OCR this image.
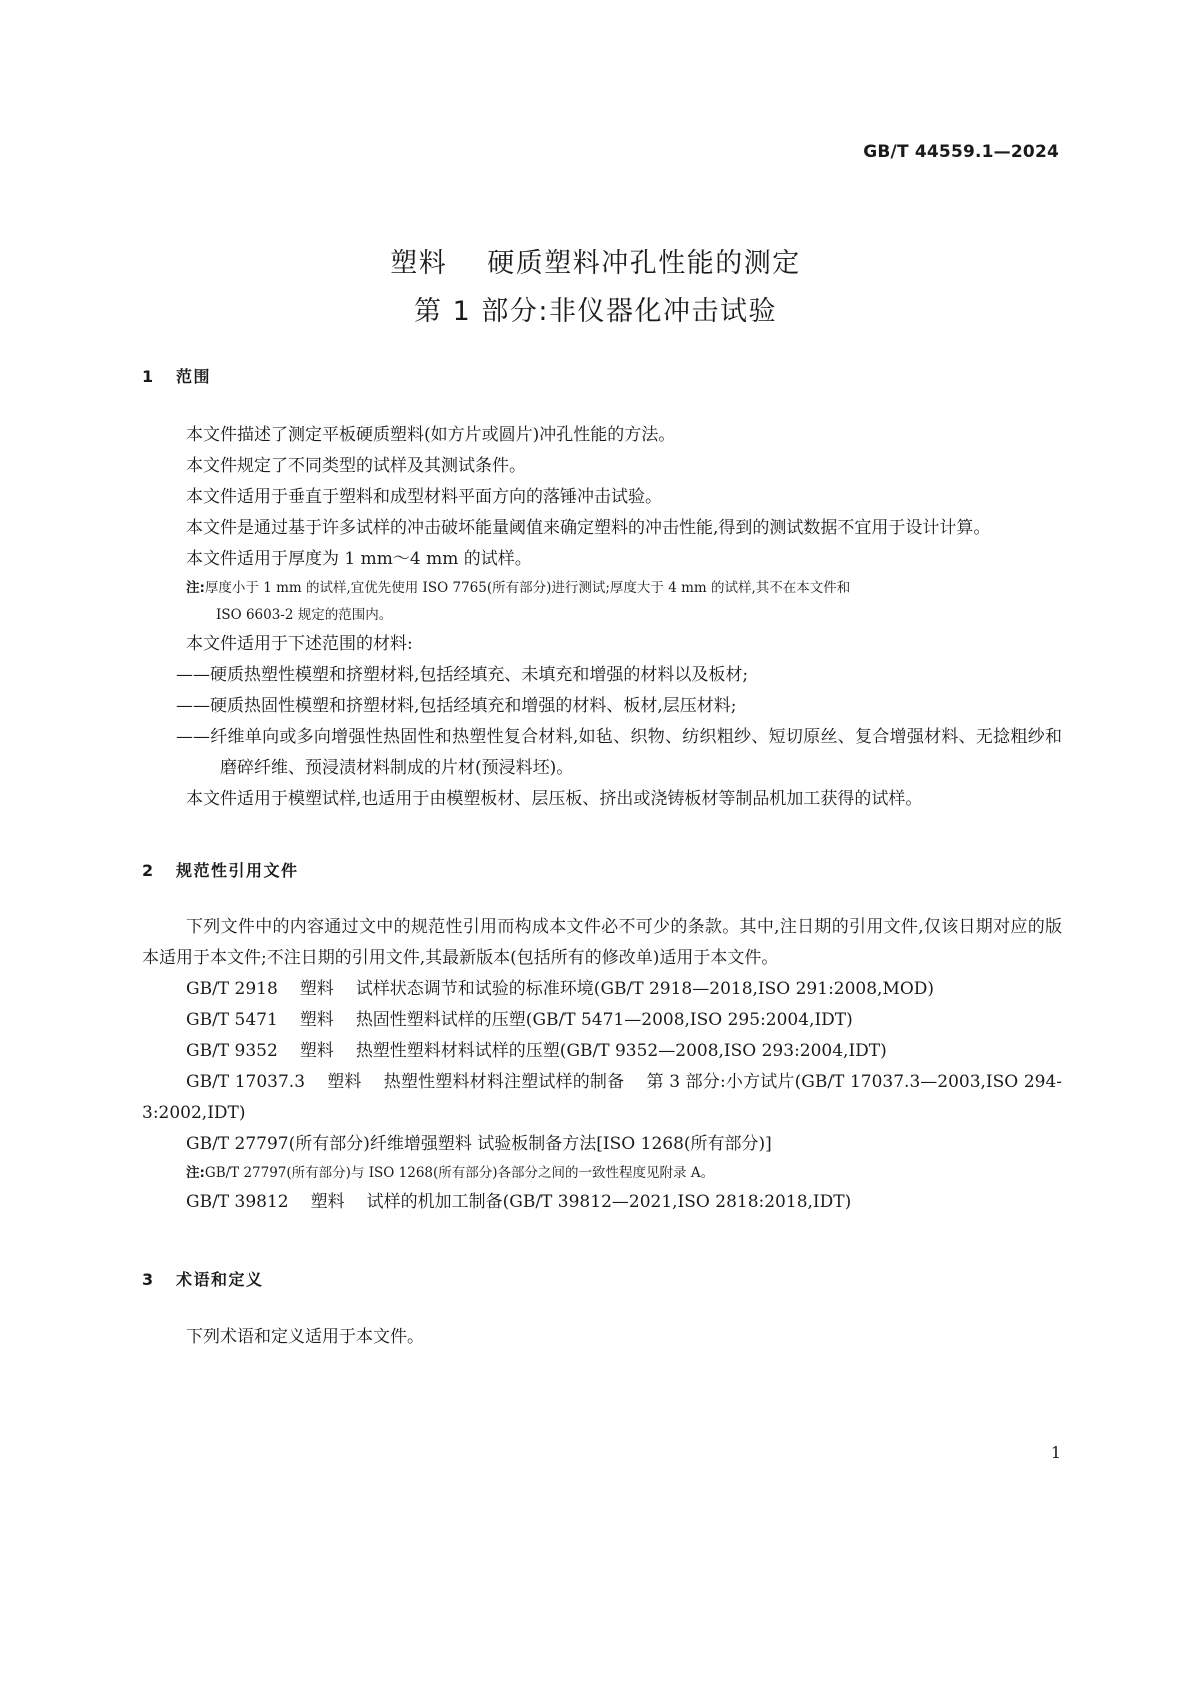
GB/T 44559.1—2024
塑料 硬质塑料冲孔性能的测定
第 1 部分:非仪器化冲击试验
1 范围

本文件描述了测定平板硬质塑料(如方片或圆片)冲孔性能的方法。

本文件规定了不同类型的试样及其测试条件。

本文件适用于垂直于塑料和成型材料平面方向的落锤冲击试验。

本文件是通过基于许多试样的冲击破坏能量阈值来确定塑料的冲击性能,得到的测试数据不宜用于设计计算。

本文件适用于厚度为 1 mm～4 mm 的试样。

注:厚度小于 1 mm 的试样,宜优先使用 ISO 7765(所有部分)进行测试;厚度大于 4 mm 的试样,其不在本文件和
ISO 6603-2 规定的范围内。

本文件适用于下述范围的材料:

——硬质热塑性模塑和挤塑材料,包括经填充、未填充和增强的材料以及板材;

——硬质热固性模塑和挤塑材料,包括经填充和增强的材料、板材,层压材料;

——纤维单向或多向增强性热固性和热塑性复合材料,如毡、织物、纺织粗纱、短切原丝、复合增强材料、无捻粗纱和磨碎纤维、预浸渍材料制成的片材(预浸料坯)。

本文件适用于模塑试样,也适用于由模塑板材、层压板、挤出或浇铸板材等制品机加工获得的试样。

2 规范性引用文件

下列文件中的内容通过文中的规范性引用而构成本文件必不可少的条款。其中,注日期的引用文件,仅该日期对应的版本适用于本文件;不注日期的引用文件,其最新版本(包括所有的修改单)适用于本文件。

GB/T 2918 塑料 试样状态调节和试验的标准环境(GB/T 2918—2018,ISO 291:2008,MOD)

GB/T 5471 塑料 热固性塑料试样的压塑(GB/T 5471—2008,ISO 295:2004,IDT)

GB/T 9352 塑料 热塑性塑料材料试样的压塑(GB/T 9352—2008,ISO 293:2004,IDT)

GB/T 17037.3 塑料 热塑性塑料材料注塑试样的制备 第 3 部分:小方试片(GB/T 17037.3—2003,ISO 294-3:2002,IDT)

GB/T 27797(所有部分)纤维增强塑料 试验板制备方法[ISO 1268(所有部分)]

注:GB/T 27797(所有部分)与 ISO 1268(所有部分)各部分之间的一致性程度见附录 A。

GB/T 39812 塑料 试样的机加工制备(GB/T 39812—2021,ISO 2818:2018,IDT)

3 术语和定义

下列术语和定义适用于本文件。

1
